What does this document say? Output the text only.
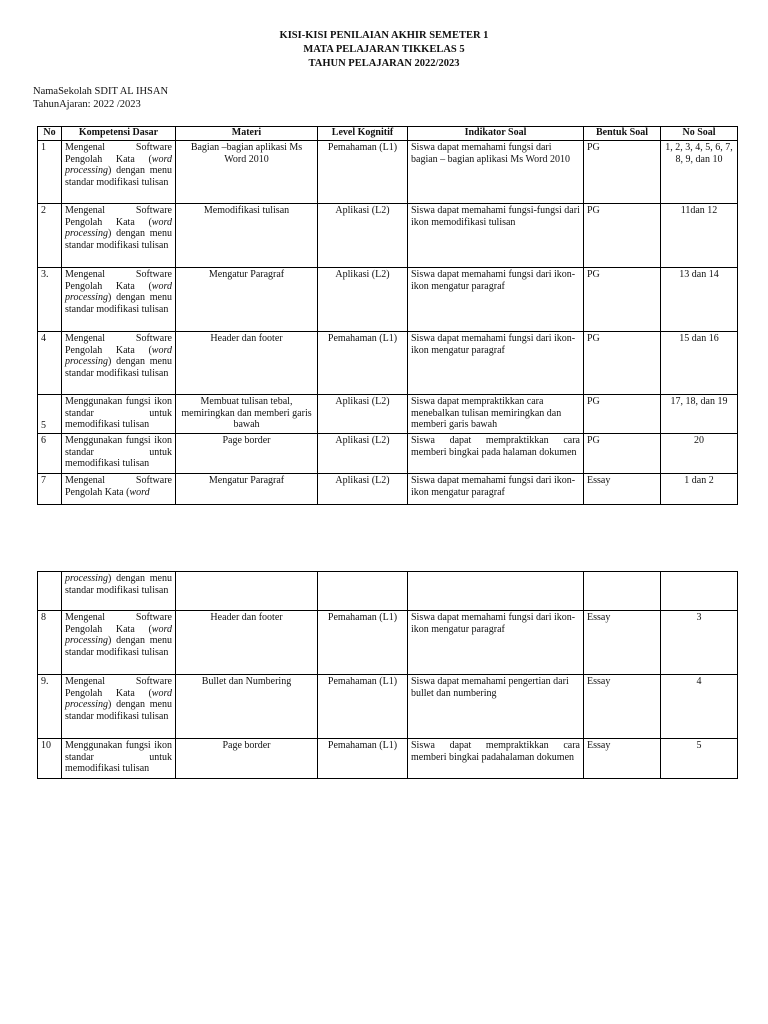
KISI-KISI PENILAIAN AKHIR SEMETER 1
MATA PELAJARAN TIKKELAS 5
TAHUN PELAJARAN 2022/2023
NamaSekolah SDIT AL IHSAN
TahunAjaran: 2022 /2023
No	Kompetensi Dasar	Materi	Level Kognitif	Indikator Soal	Bentuk Soal	No Soal
1	Mengenal Software Pengolah Kata (word processing) dengan menu standar modifikasi tulisan	Bagian –bagian aplikasi Ms Word 2010	Pemahaman (L1)	Siswa dapat memahami fungsi dari bagian – bagian aplikasi Ms Word 2010	PG	1, 2, 3, 4, 5, 6, 7, 8, 9, dan 10
2	Mengenal Software Pengolah Kata (word processing) dengan menu standar modifikasi tulisan	Memodifikasi tulisan	Aplikasi (L2)	Siswa dapat memahami fungsi-fungsi dari ikon memodifikasi tulisan	PG	11dan 12
3.	Mengenal Software Pengolah Kata (word processing) dengan menu standar modifikasi tulisan	Mengatur Paragraf	Aplikasi (L2)	Siswa dapat memahami fungsi dari ikon-ikon mengatur paragraf	PG	13 dan 14
4	Mengenal Software Pengolah Kata (word processing) dengan menu standar modifikasi tulisan	Header dan footer	Pemahaman (L1)	Siswa dapat memahami fungsi dari ikon-ikon mengatur paragraf	PG	15 dan 16
5	Menggunakan fungsi ikon standar untuk memodifikasi tulisan	Membuat tulisan tebal, memiringkan dan memberi garis bawah	Aplikasi (L2)	Siswa dapat mempraktikkan cara menebalkan tulisan memiringkan dan memberi garis bawah	PG	17, 18, dan 19
6	Menggunakan fungsi ikon standar untuk memodifikasi tulisan	Page border	Aplikasi (L2)	Siswa dapat mempraktikkan cara memberi bingkai pada halaman dokumen	PG	20
7	Mengenal Software Pengolah Kata (word	Mengatur Paragraf	Aplikasi (L2)	Siswa dapat memahami fungsi dari ikon-ikon mengatur paragraf	Essay	1 dan 2
	processing) dengan menu standar modifikasi tulisan					
8	Mengenal Software Pengolah Kata (word processing) dengan menu standar modifikasi tulisan	Header dan footer	Pemahaman (L1)	Siswa dapat memahami fungsi dari ikon-ikon mengatur paragraf	Essay	3
9.	Mengenal Software Pengolah Kata (word processing) dengan menu standar modifikasi tulisan	Bullet dan Numbering	Pemahaman (L1)	Siswa dapat memahami pengertian dari bullet dan numbering	Essay	4
10	Menggunakan fungsi ikon standar untuk memodifikasi tulisan	Page border	Pemahaman (L1)	Siswa dapat mempraktikkan cara memberi bingkai padahalaman dokumen	Essay	5
